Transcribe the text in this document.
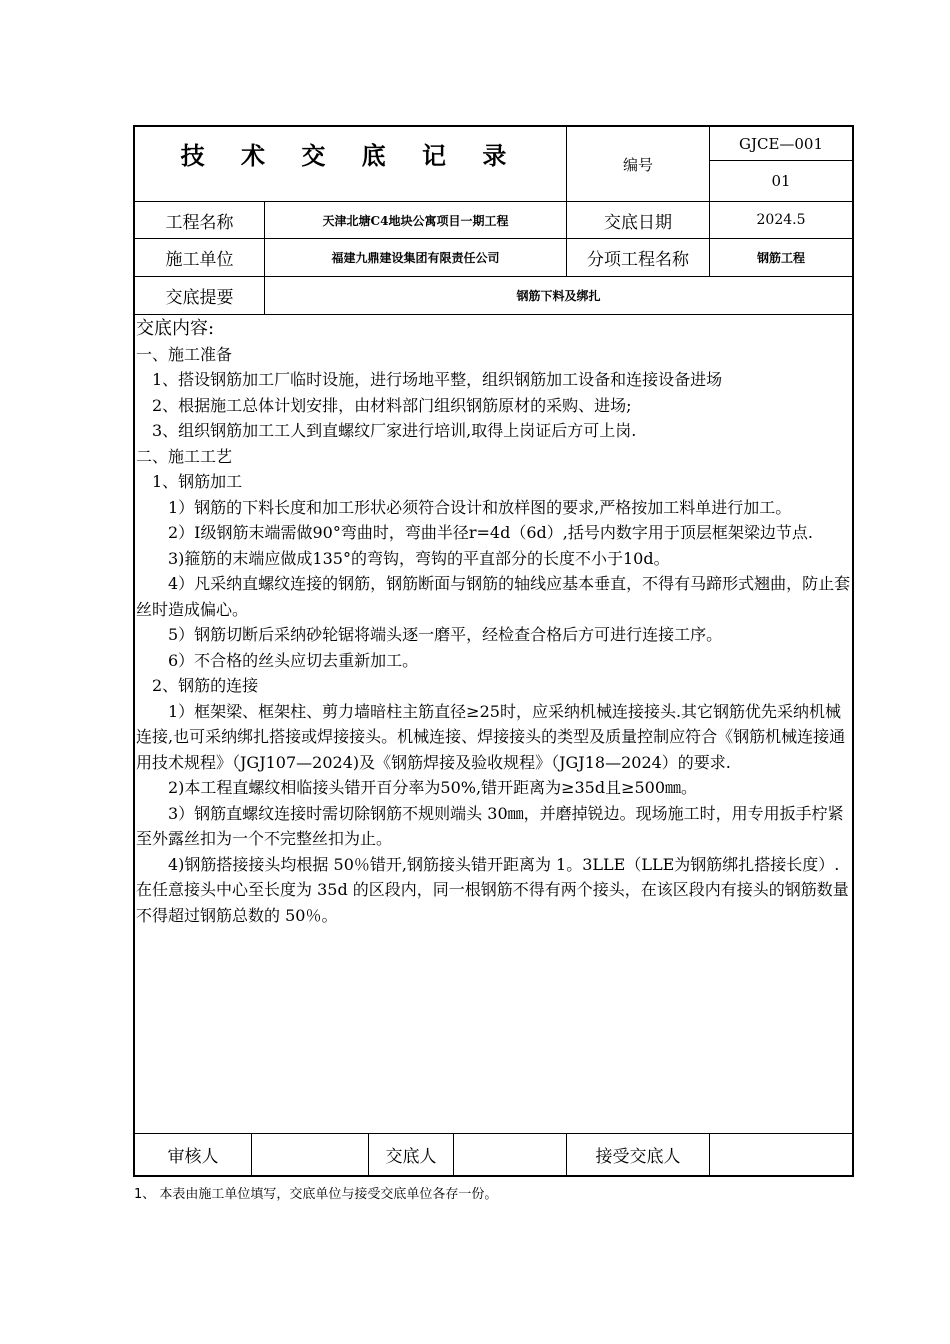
技 术 交 底 记 录	编号
GJCE—001
01
工程名称	天津北塘C4地块公寓项目一期工程	交底日期	2024.5
施工单位	福建九鼎建设集团有限责任公司	分项工程名称	钢筋工程
交底提要	钢筋下料及绑扎

交底内容:

一、施工准备

1、搭设钢筋加工厂临时设施，进行场地平整，组织钢筋加工设备和连接设备进场

2、根据施工总体计划安排，由材料部门组织钢筋原材的采购、进场;

3、组织钢筋加工工人到直螺纹厂家进行培训,取得上岗证后方可上岗.

二、施工工艺

1、钢筋加工

1）钢筋的下料长度和加工形状必须符合设计和放样图的要求,严格按加工料单进行加工。

2）I级钢筋末端需做90°弯曲时，弯曲半径r=4d（6d）,括号内数字用于顶层框架梁边节点.

3)箍筋的末端应做成135°的弯钩，弯钩的平直部分的长度不小于10d。

4）凡采纳直螺纹连接的钢筋，钢筋断面与钢筋的轴线应基本垂直，不得有马蹄形式翘曲，防止套丝时造成偏心。

5）钢筋切断后采纳砂轮锯将端头逐一磨平，经检查合格后方可进行连接工序。

6）不合格的丝头应切去重新加工。

2、钢筋的连接

1）框架梁、框架柱、剪力墙暗柱主筋直径≥25时，应采纳机械连接接头.其它钢筋优先采纳机械连接,也可采纳绑扎搭接或焊接接头。机械连接、焊接接头的类型及质量控制应符合《钢筋机械连接通用技术规程》（JGJ107—2024)及《钢筋焊接及验收规程》（JGJ18—2024）的要求.

2)本工程直螺纹相临接头错开百分率为50%,错开距离为≥35d且≥500㎜。

3）钢筋直螺纹连接时需切除钢筋不规则端头 30㎜，并磨掉锐边。现场施工时，用专用扳手柠紧至外露丝扣为一个不完整丝扣为止。

4)钢筋搭接接头均根据 50％错开,钢筋接头错开距离为 1。3LLE（LLE为钢筋绑扎搭接长度）.在任意接头中心至长度为 35d 的区段内，同一根钢筋不得有两个接头，在该区段内有接头的钢筋数量不得超过钢筋总数的 50％。

审核人	交底人	接受交底人
1、 本表由施工单位填写，交底单位与接受交底单位各存一份。
